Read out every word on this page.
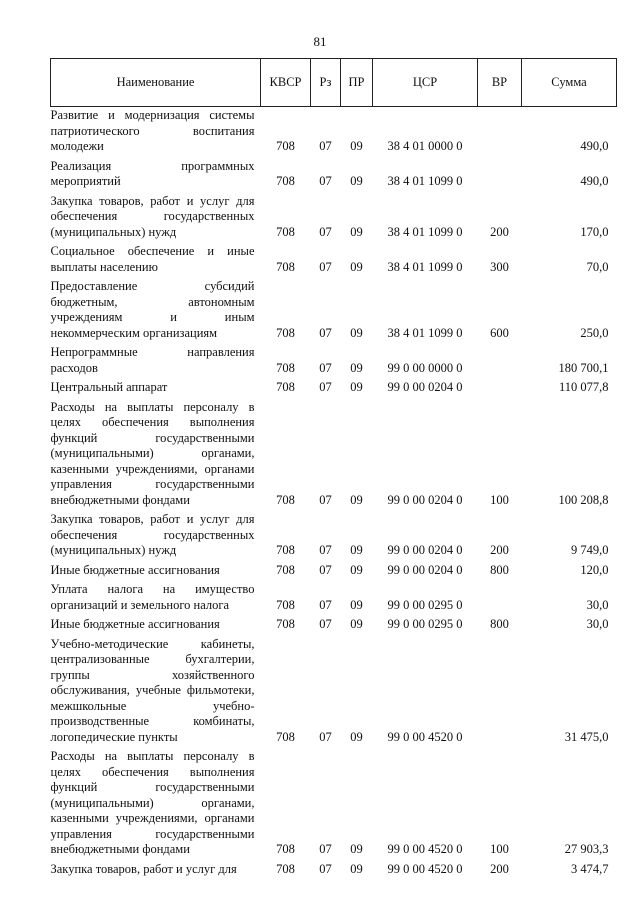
81
Наименование	КВСР	Рз	ПР	ЦСР	ВР	Сумма
Развитие и модернизация системы патриотического воспитания молодежи	708	07	09	38 4 01 0000 0		490,0
Реализация программных мероприятий	708	07	09	38 4 01 1099 0		490,0
Закупка товаров, работ и услуг для обеспечения государственных (муниципальных) нужд	708	07	09	38 4 01 1099 0	200	170,0
Социальное обеспечение и иные выплаты населению	708	07	09	38 4 01 1099 0	300	70,0
Предоставление субсидий бюджетным, автономным учреждениям и иным некоммерческим организациям	708	07	09	38 4 01 1099 0	600	250,0
Непрограммные направления расходов	708	07	09	99 0 00 0000 0		180 700,1
Центральный аппарат	708	07	09	99 0 00 0204 0		110 077,8
Расходы на выплаты персоналу в целях обеспечения выполнения функций государственными (муниципальными) органами, казенными учреждениями, органами управления государственными внебюджетными фондами	708	07	09	99 0 00 0204 0	100	100 208,8
Закупка товаров, работ и услуг для обеспечения государственных (муниципальных) нужд	708	07	09	99 0 00 0204 0	200	9 749,0
Иные бюджетные ассигнования	708	07	09	99 0 00 0204 0	800	120,0
Уплата налога на имущество организаций и земельного налога	708	07	09	99 0 00 0295 0		30,0
Иные бюджетные ассигнования	708	07	09	99 0 00 0295 0	800	30,0
Учебно-методические кабинеты, централизованные бухгалтерии, группы хозяйственного обслуживания, учебные фильмотеки, межшкольные учебно-производственные комбинаты, логопедические пункты	708	07	09	99 0 00 4520 0		31 475,0
Расходы на выплаты персоналу в целях обеспечения выполнения функций государственными (муниципальными) органами, казенными учреждениями, органами управления государственными внебюджетными фондами	708	07	09	99 0 00 4520 0	100	27 903,3
Закупка товаров, работ и услуг для	708	07	09	99 0 00 4520 0	200	3 474,7
